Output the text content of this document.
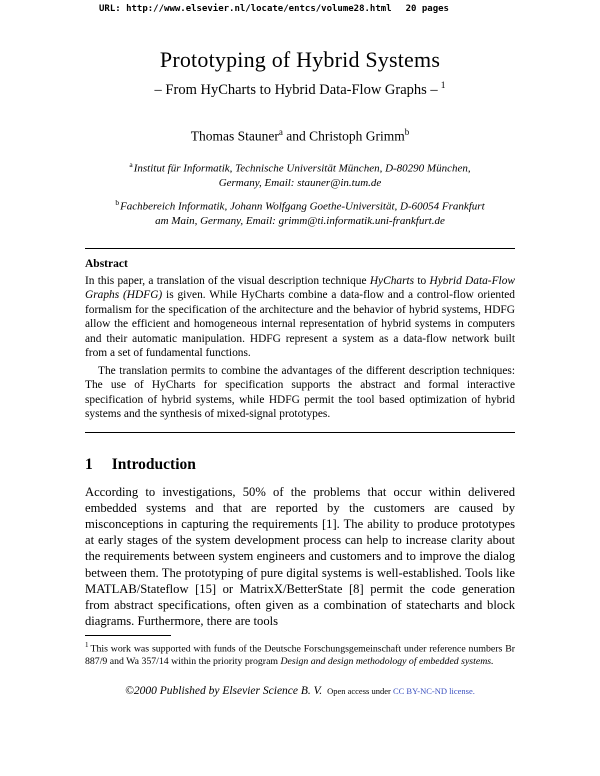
URL: http://www.elsevier.nl/locate/entcs/volume28.html 20 pages
Prototyping of Hybrid Systems
– From HyCharts to Hybrid Data-Flow Graphs – $^1$
Thomas Stauner$^a$ and Christoph Grimm$^b$
$^a$Institut für Informatik, Technische Universität München, D-80290 München, Germany, Email: stauner@in.tum.de
$^b$Fachbereich Informatik, Johann Wolfgang Goethe-Universität, D-60054 Frankfurt am Main, Germany, Email: grimm@ti.informatik.uni-frankfurt.de
Abstract

In this paper, a translation of the visual description technique HyCharts to Hybrid Data-Flow Graphs (HDFG) is given. While HyCharts combine a data-flow and a control-flow oriented formalism for the specification of the architecture and the behavior of hybrid systems, HDFG allow the efficient and homogeneous internal representation of hybrid systems in computers and their automatic manipulation. HDFG represent a system as a data-flow network built from a set of fundamental functions.

The translation permits to combine the advantages of the different description techniques: The use of HyCharts for specification supports the abstract and formal interactive specification of hybrid systems, while HDFG permit the tool based optimization of hybrid systems and the synthesis of mixed-signal prototypes.

1 Introduction

According to investigations, 50% of the problems that occur within delivered embedded systems and that are reported by the customers are caused by misconceptions in capturing the requirements [1]. The ability to produce prototypes at early stages of the system development process can help to increase clarity about the requirements between system engineers and customers and to improve the dialog between them. The prototyping of pure digital systems is well-established. Tools like MATLAB/Stateflow [15] or MatrixX/BetterState [8] permit the code generation from abstract specifications, often given as a combination of statecharts and block diagrams. Furthermore, there are tools

$^1$ This work was supported with funds of the Deutsche Forschungsgemeinschaft under reference numbers Br 887/9 and Wa 357/14 within the priority program Design and design methodology of embedded systems.

©2000 Published by Elsevier Science B. V. Open access under CC BY-NC-ND license.
